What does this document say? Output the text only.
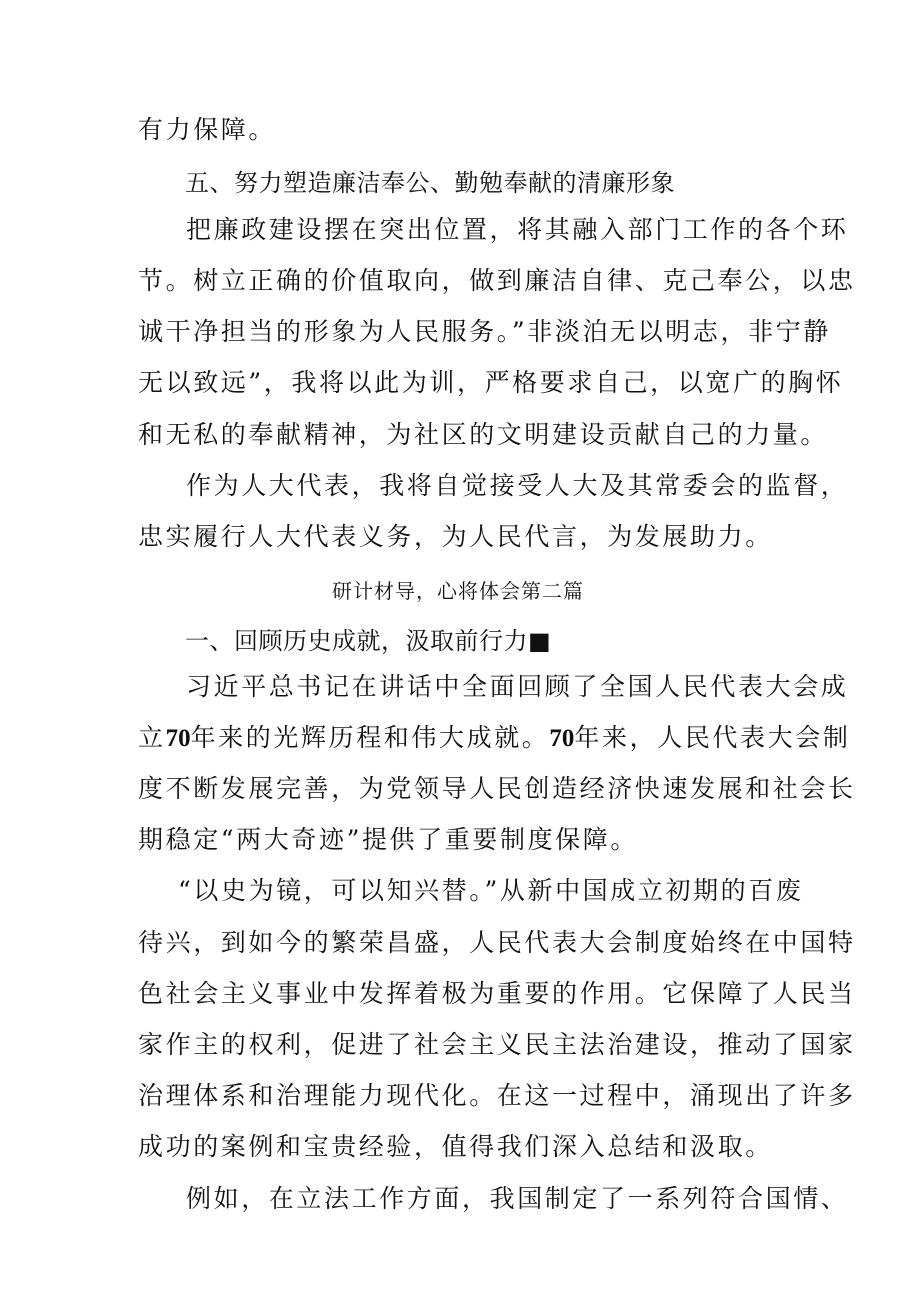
有力保障。
五、努力塑造廉洁奉公、勤勉奉献的清廉形象
把廉政建设摆在突出位置，将其融入部门工作的各个环
节。树立正确的价值取向，做到廉洁自律、克己奉公，以忠
诚干净担当的形象为人民服务。”非淡泊无以明志，非宁静
无以致远”，我将以此为训，严格要求自己，以宽广的胸怀
和无私的奉献精神，为社区的文明建设贡献自己的力量。
作为人大代表，我将自觉接受人大及其常委会的监督，
忠实履行人大代表义务，为人民代言，为发展助力。
研计材导，心将体会第二篇
一、回顾历史成就，汲取前行力■
习近平总书记在讲话中全面回顾了全国人民代表大会成
立70年来的光辉历程和伟大成就。70年来，人民代表大会制
度不断发展完善，为党领导人民创造经济快速发展和社会长
期稳定“两大奇迹”提供了重要制度保障。
“以史为镜，可以知兴替。”从新中国成立初期的百废
待兴，到如今的繁荣昌盛，人民代表大会制度始终在中国特
色社会主义事业中发挥着极为重要的作用。它保障了人民当
家作主的权利，促进了社会主义民主法治建设，推动了国家
治理体系和治理能力现代化。在这一过程中，涌现出了许多
成功的案例和宝贵经验，值得我们深入总结和汲取。
例如，在立法工作方面，我国制定了一系列符合国情、
